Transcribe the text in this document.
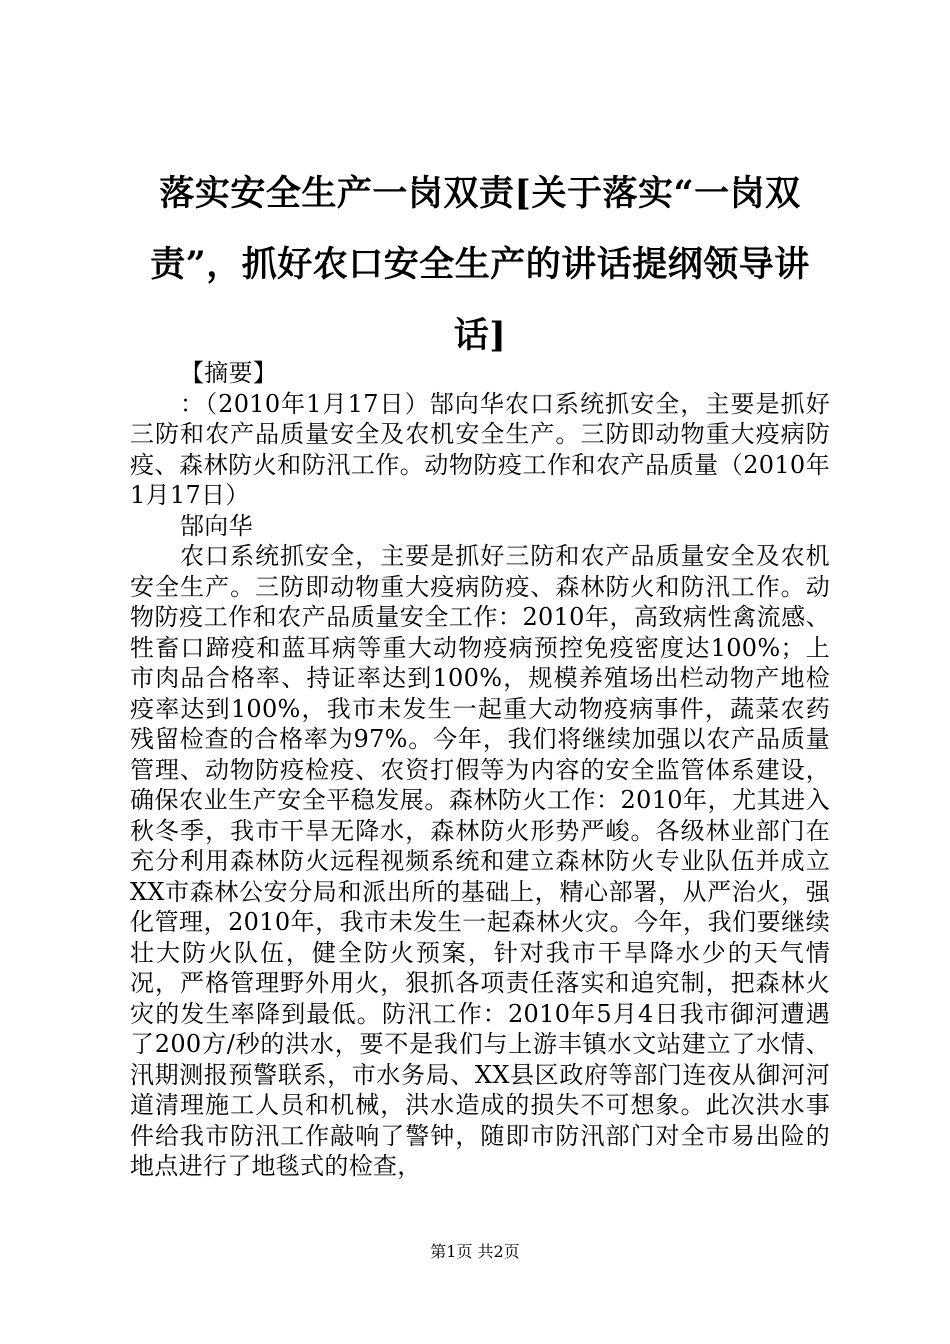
落实安全生产一岗双责[关于落实“一岗双责”，抓好农口安全生产的讲话提纲领导讲话]

【摘要】

：（2010年1月17日）郜向华农口系统抓安全，主要是抓好三防和农产品质量安全及农机安全生产。三防即动物重大疫病防疫、森林防火和防汛工作。动物防疫工作和农产品质量（2010年1月17日）

郜向华

农口系统抓安全，主要是抓好三防和农产品质量安全及农机安全生产。三防即动物重大疫病防疫、森林防火和防汛工作。动物防疫工作和农产品质量安全工作：2010年，高致病性禽流感、牲畜口蹄疫和蓝耳病等重大动物疫病预控免疫密度达100%；上市肉品合格率、持证率达到100%，规模养殖场出栏动物产地检疫率达到100%，我市未发生一起重大动物疫病事件，蔬菜农药残留检查的合格率为97%。今年，我们将继续加强以农产品质量管理、动物防疫检疫、农资打假等为内容的安全监管体系建设，确保农业生产安全平稳发展。森林防火工作：2010年，尤其进入秋冬季，我市干旱无降水，森林防火形势严峻。各级林业部门在充分利用森林防火远程视频系统和建立森林防火专业队伍并成立XX市森林公安分局和派出所的基础上，精心部署，从严治火，强化管理，2010年，我市未发生一起森林火灾。今年，我们要继续壮大防火队伍，健全防火预案，针对我市干旱降水少的天气情况，严格管理野外用火，狠抓各项责任落实和追究制，把森林火灾的发生率降到最低。防汛工作：2010年5月4日我市御河遭遇了200方/秒的洪水，要不是我们与上游丰镇水文站建立了水情、汛期测报预警联系，市水务局、XX县区政府等部门连夜从御河河道清理施工人员和机械，洪水造成的损失不可想象。此次洪水事件给我市防汛工作敲响了警钟，随即市防汛部门对全市易出险的地点进行了地毯式的检查，

第1页 共2页
